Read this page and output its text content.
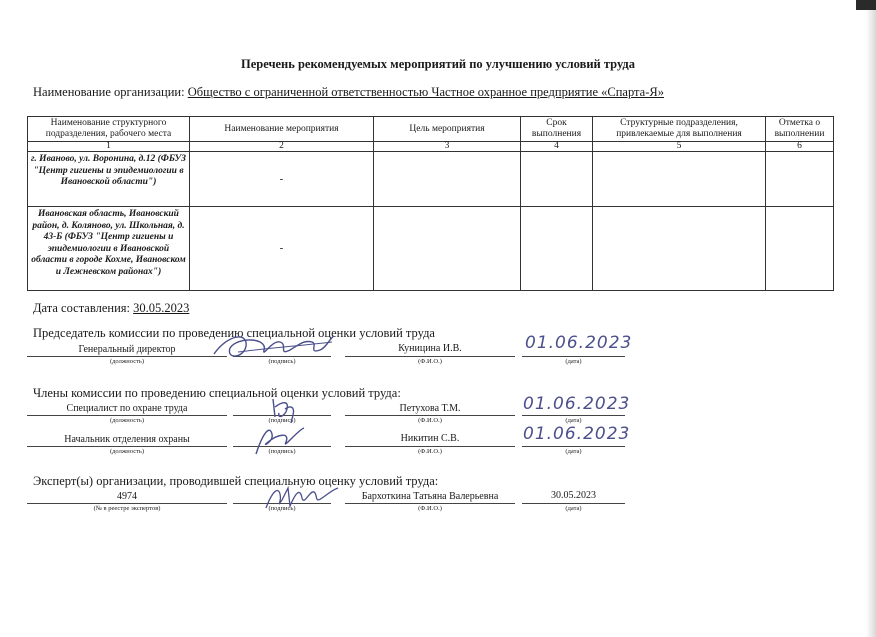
Перечень рекомендуемых мероприятий по улучшению условий труда
Наименование организации: Общество с ограниченной ответственностью Частное охранное предприятие «Спарта-Я»
Наименование структурного подразделения, рабочего места	Наименование мероприятия	Цель мероприятия	Срок выполнения	Структурные подразделения, привлекаемые для выполнения	Отметка о выполнении
1	2	3	4	5	6
г. Иваново, ул. Воронина, д.12 (ФБУЗ "Центр гигиены и эпидемиологии в Ивановской области")	-				
Ивановская область, Ивановский район, д. Коляново, ул. Школьная, д. 43-Б (ФБУЗ "Центр гигиены и эпидемиологии в Ивановской области в городе Кохме, Ивановском и Лежневском районах")	-				
Дата составления: 30.05.2023
Председатель комиссии по проведению специальной оценки условий труда
Генеральный директор
(должность)	(подпись)
Куницина И.В.
(Ф.И.О.)	(дата)
01.06.2023
Члены комиссии по проведению специальной оценки условий труда:
Специалист по охране труда
(должность)	(подпись)
Петухова Т.М.
(Ф.И.О.)	(дата)
01.06.2023
Начальник отделения охраны
(должность)	(подпись)
Никитин С.В.
(Ф.И.О.)	(дата)
01.06.2023
Эксперт(ы) организации, проводившей специальную оценку условий труда:
4974
(№ в реестре экспертов)	(подпись)
Бархоткина Татьяна Валерьевна
(Ф.И.О.)
30.05.2023
(дата)
